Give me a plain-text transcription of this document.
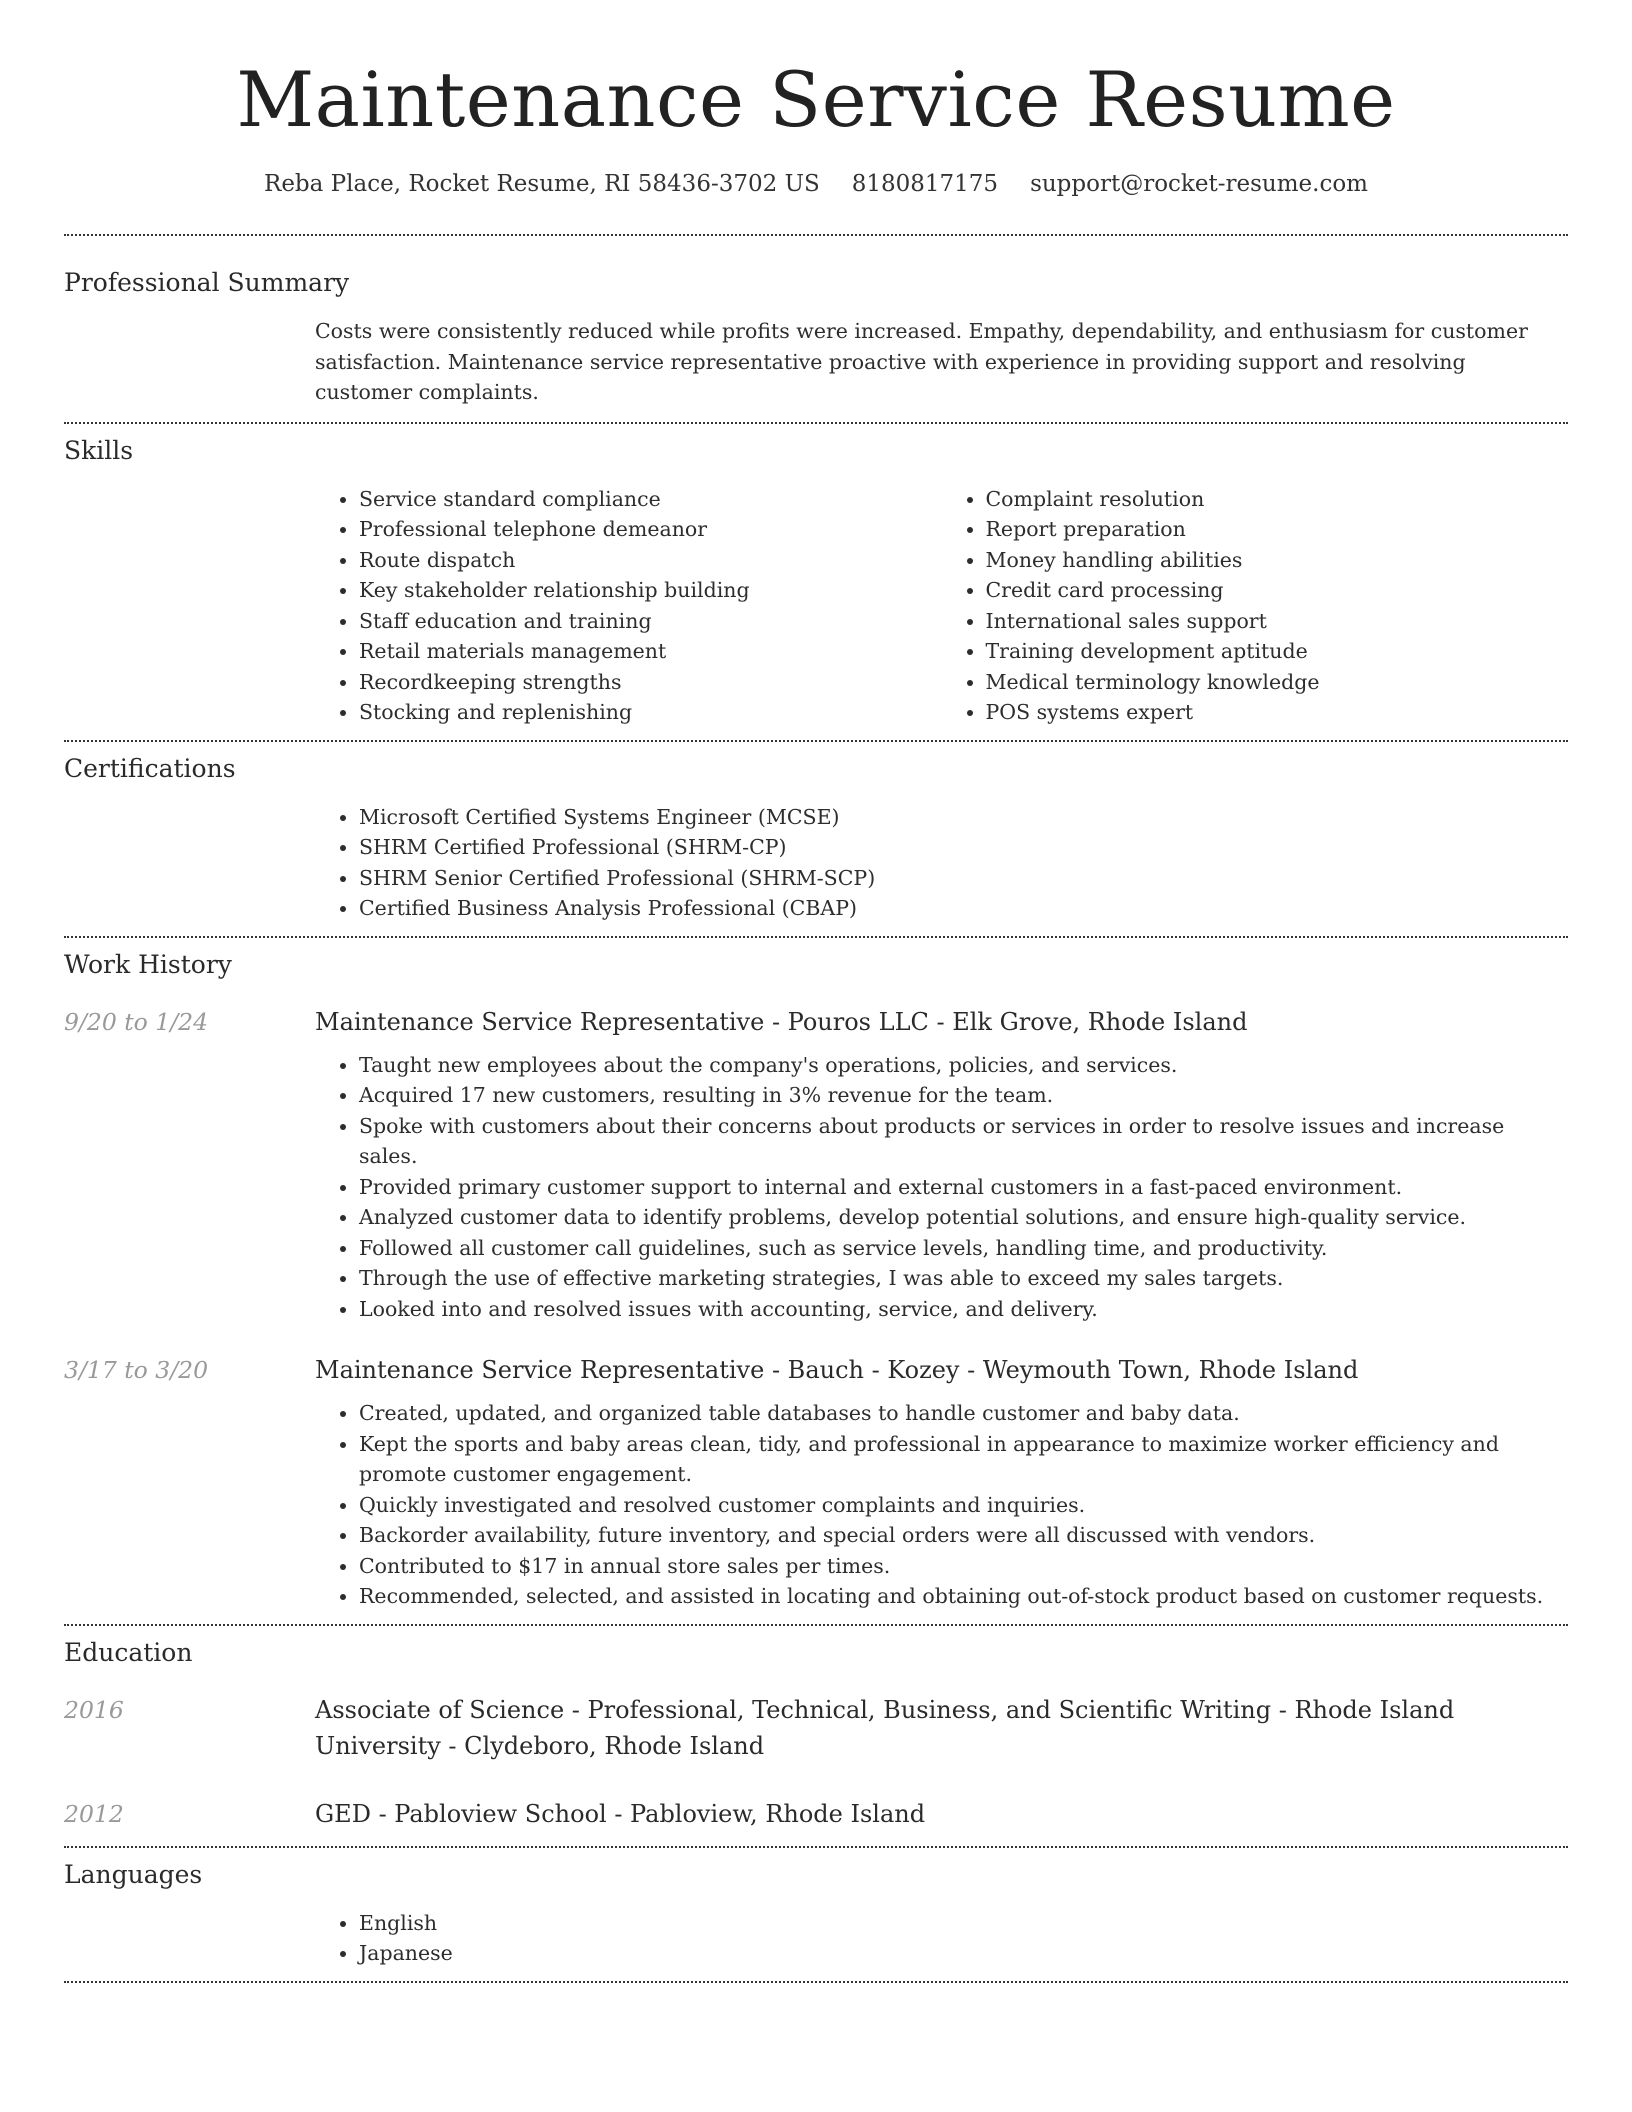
Maintenance Service Resume
Reba Place, Rocket Resume, RI 58436-3702 US 8180817175 support@rocket-resume.com
Professional Summary

Costs were consistently reduced while profits were increased. Empathy, dependability, and enthusiasm for customer satisfaction. Maintenance service representative proactive with experience in providing support and resolving customer complaints.

Skills
• Service standard compliance
• Professional telephone demeanor
• Route dispatch
• Key stakeholder relationship building
• Staff education and training
• Retail materials management
• Recordkeeping strengths
• Stocking and replenishing
• Complaint resolution
• Report preparation
• Money handling abilities
• Credit card processing
• International sales support
• Training development aptitude
• Medical terminology knowledge
• POS systems expert
Certifications
• Microsoft Certified Systems Engineer (MCSE)
• SHRM Certified Professional (SHRM-CP)
• SHRM Senior Certified Professional (SHRM-SCP)
• Certified Business Analysis Professional (CBAP)
Work History
9/20 to 1/24	Maintenance Service Representative - Pouros LLC - Elk Grove, Rhode Island
• Taught new employees about the company's operations, policies, and services.
• Acquired 17 new customers, resulting in 3% revenue for the team.
• Spoke with customers about their concerns about products or services in order to resolve issues and increase sales.
• Provided primary customer support to internal and external customers in a fast-paced environment.
• Analyzed customer data to identify problems, develop potential solutions, and ensure high-quality service.
• Followed all customer call guidelines, such as service levels, handling time, and productivity.
• Through the use of effective marketing strategies, I was able to exceed my sales targets.
• Looked into and resolved issues with accounting, service, and delivery.
3/17 to 3/20	Maintenance Service Representative - Bauch - Kozey - Weymouth Town, Rhode Island
• Created, updated, and organized table databases to handle customer and baby data.
• Kept the sports and baby areas clean, tidy, and professional in appearance to maximize worker efficiency and promote customer engagement.
• Quickly investigated and resolved customer complaints and inquiries.
• Backorder availability, future inventory, and special orders were all discussed with vendors.
• Contributed to $17 in annual store sales per times.
• Recommended, selected, and assisted in locating and obtaining out-of-stock product based on customer requests.
Education
2016	Associate of Science - Professional, Technical, Business, and Scientific Writing - Rhode Island University - Clydeboro, Rhode Island
2012	GED - Pabloview School - Pabloview, Rhode Island
Languages
• English
• Japanese
